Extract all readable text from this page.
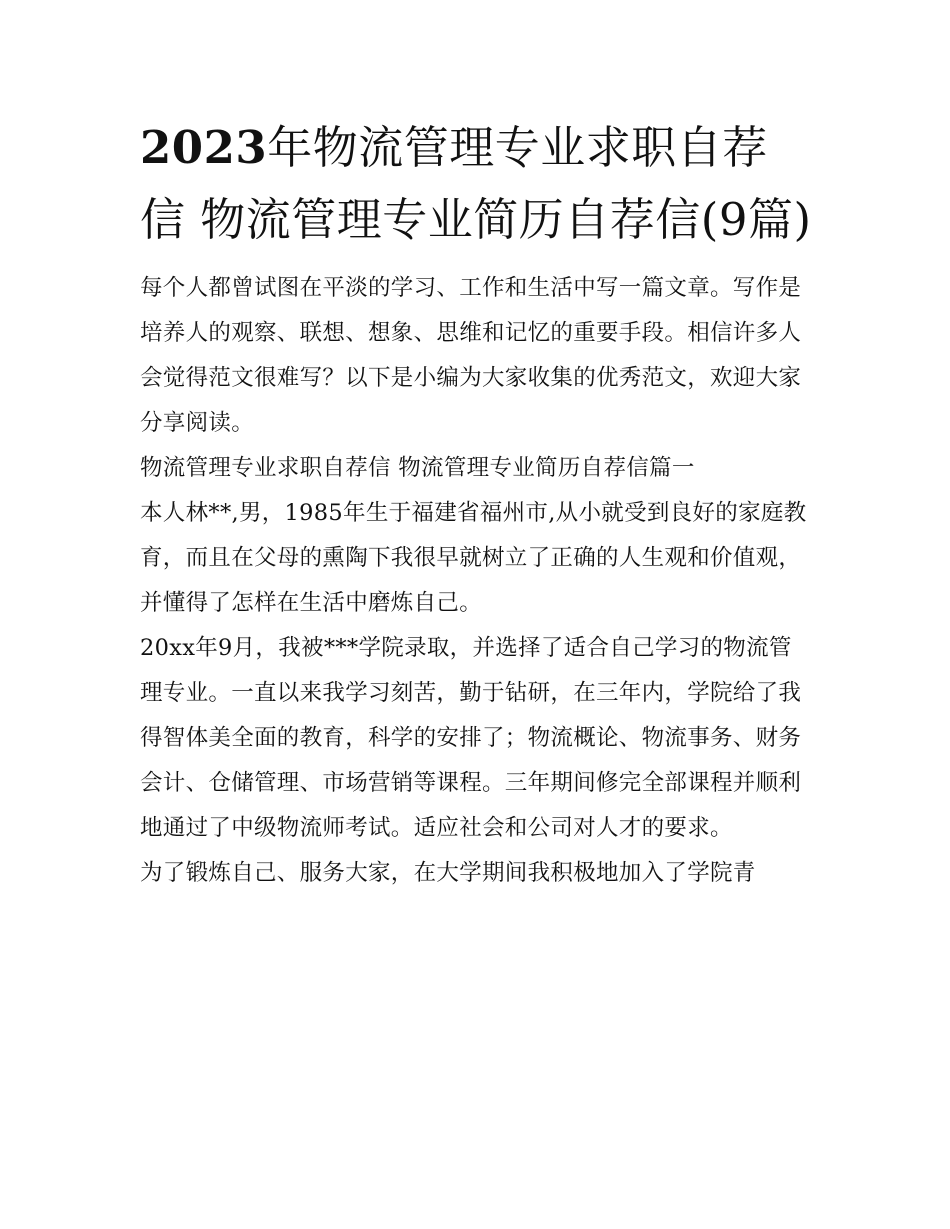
2023年物流管理专业求职自荐信 物流管理专业简历自荐信(9篇)

每个人都曾试图在平淡的学习、工作和生活中写一篇文章。写作是培养人的观察、联想、想象、思维和记忆的重要手段。相信许多人会觉得范文很难写？以下是小编为大家收集的优秀范文，欢迎大家分享阅读。

物流管理专业求职自荐信 物流管理专业简历自荐信篇一

本人林**,男，1985年生于福建省福州市,从小就受到良好的家庭教育，而且在父母的熏陶下我很早就树立了正确的人生观和价值观，并懂得了怎样在生活中磨炼自己。

20xx年9月，我被***学院录取，并选择了适合自己学习的物流管理专业。一直以来我学习刻苦，勤于钻研，在三年内，学院给了我得智体美全面的教育，科学的安排了；物流概论、物流事务、财务会计、仓储管理、市场营销等课程。三年期间修完全部课程并顺利地通过了中级物流师考试。适应社会和公司对人才的要求。

为了锻炼自己、服务大家，在大学期间我积极地加入了学院青
